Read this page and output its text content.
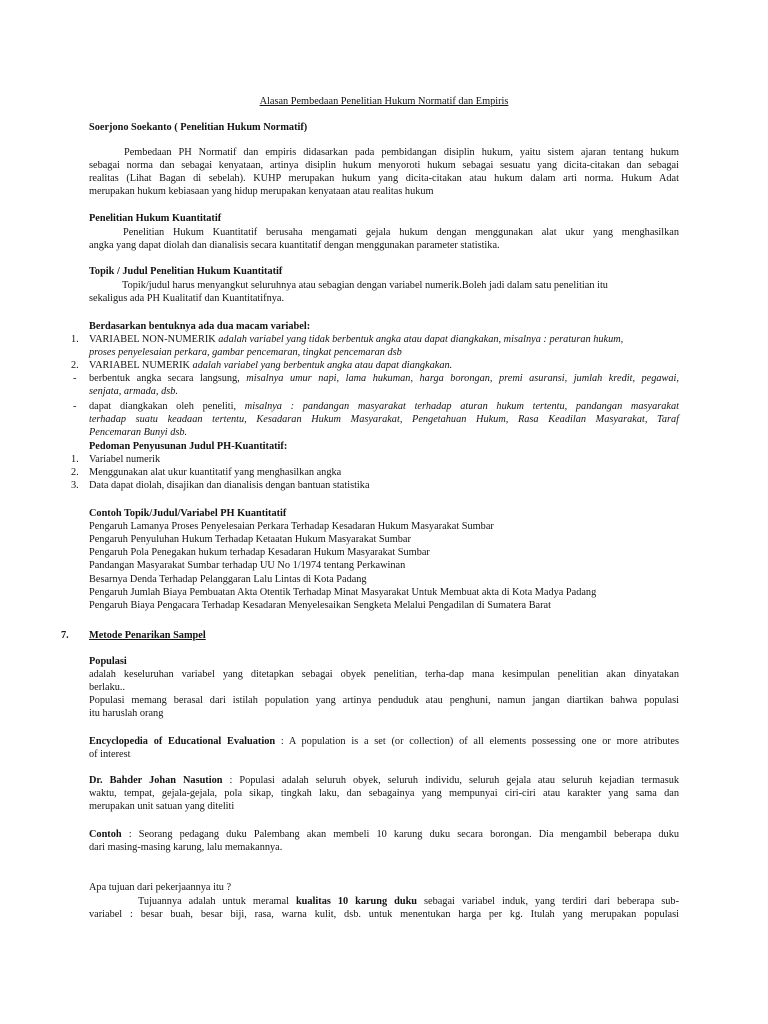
Alasan Pembedaan Penelitian Hukum Normatif dan Empiris
Soerjono Soekanto ( Penelitian Hukum Normatif)
Pembedaan PH Normatif dan empiris didasarkan pada pembidangan disiplin hukum, yaitu sistem ajaran tentang hukum
sebagai norma dan sebagai kenyataan, artinya disiplin hukum menyoroti hukum sebagai sesuatu yang dicita-citakan dan sebagai
realitas (Lihat Bagan di sebelah). KUHP merupakan hukum yang dicita-citakan atau hukum dalam arti norma. Hukum Adat
merupakan hukum kebiasaan yang hidup merupakan kenyataan atau realitas hukum
Penelitian Hukum Kuantitatif
Penelitian Hukum Kuantitatif berusaha mengamati gejala hukum dengan menggunakan alat ukur yang menghasilkan
angka yang dapat diolah dan dianalisis secara kuantitatif dengan menggunakan parameter statistika.
Topik / Judul Penelitian Hukum Kuantitatif
Topik/judul harus menyangkut seluruhnya atau sebagian dengan variabel numerik.Boleh jadi dalam satu penelitian itu
sekaligus ada PH Kualitatif dan Kuantitatifnya.
Berdasarkan bentuknya ada dua macam variabel:
1. VARIABEL NON-NUMERIK adalah variabel yang tidak berbentuk angka atau dapat diangkakan, misalnya : peraturan hukum,
proses penyelesaian perkara, gambar pencemaran, tingkat pencemaran dsb
2. VARIABEL NUMERIK adalah variabel yang berbentuk angka atau dapat diangkakan.
- berbentuk angka secara langsung, misalnya umur napi, lama hukuman, harga borongan, premi asuransi, jumlah kredit, pegawai,
senjata, armada, dsb.
- dapat diangkakan oleh peneliti, misalnya : pandangan masyarakat terhadap aturan hukum tertentu, pandangan masyarakat
terhadap suatu keadaan tertentu, Kesadaran Hukum Masyarakat, Pengetahuan Hukum, Rasa Keadilan Masyarakat, Taraf
Pencemaran Bunyi dsb.
Pedoman Penyusunan Judul PH-Kuantitatif:
1. Variabel numerik
2. Menggunakan alat ukur kuantitatif yang menghasilkan angka
3. Data dapat diolah, disajikan dan dianalisis dengan bantuan statistika
Contoh Topik/Judul/Variabel PH Kuantitatif
Pengaruh Lamanya Proses Penyelesaian Perkara Terhadap Kesadaran Hukum Masyarakat Sumbar
Pengaruh Penyuluhan Hukum Terhadap Ketaatan Hukum Masyarakat Sumbar
Pengaruh Pola Penegakan hukum terhadap Kesadaran Hukum Masyarakat Sumbar
Pandangan Masyarakat Sumbar terhadap UU No 1/1974 tentang Perkawinan
Besarnya Denda Terhadap Pelanggaran Lalu Lintas di Kota Padang
Pengaruh Jumlah Biaya Pembuatan Akta Otentik Terhadap Minat Masyarakat Untuk Membuat akta di Kota Madya Padang
Pengaruh Biaya Pengacara Terhadap Kesadaran Menyelesaikan Sengketa Melalui Pengadilan di Sumatera Barat
7. Metode Penarikan Sampel
Populasi
adalah keseluruhan variabel yang ditetapkan sebagai obyek penelitian, terha-dap mana kesimpulan penelitian akan dinyatakan
berlaku..
Populasi memang berasal dari istilah population yang artinya penduduk atau penghuni, namun jangan diartikan bahwa populasi
itu haruslah orang
Encyclopedia of Educational Evaluation : A population is a set (or collection) of all elements possessing one or more atributes
of interest
Dr. Bahder Johan Nasution : Populasi adalah seluruh obyek, seluruh individu, seluruh gejala atau seluruh kejadian termasuk
waktu, tempat, gejala-gejala, pola sikap, tingkah laku, dan sebagainya yang mempunyai ciri-ciri atau karakter yang sama dan
merupakan unit satuan yang diteliti
Contoh : Seorang pedagang duku Palembang akan membeli 10 karung duku secara borongan. Dia mengambil beberapa duku
dari masing-masing karung, lalu memakannya.
Apa tujuan dari pekerjaannya itu ?
Tujuannya adalah untuk meramal kualitas 10 karung duku sebagai variabel induk, yang terdiri dari beberapa sub-
variabel : besar buah, besar biji, rasa, warna kulit, dsb. untuk menentukan harga per kg. Itulah yang merupakan populasi
